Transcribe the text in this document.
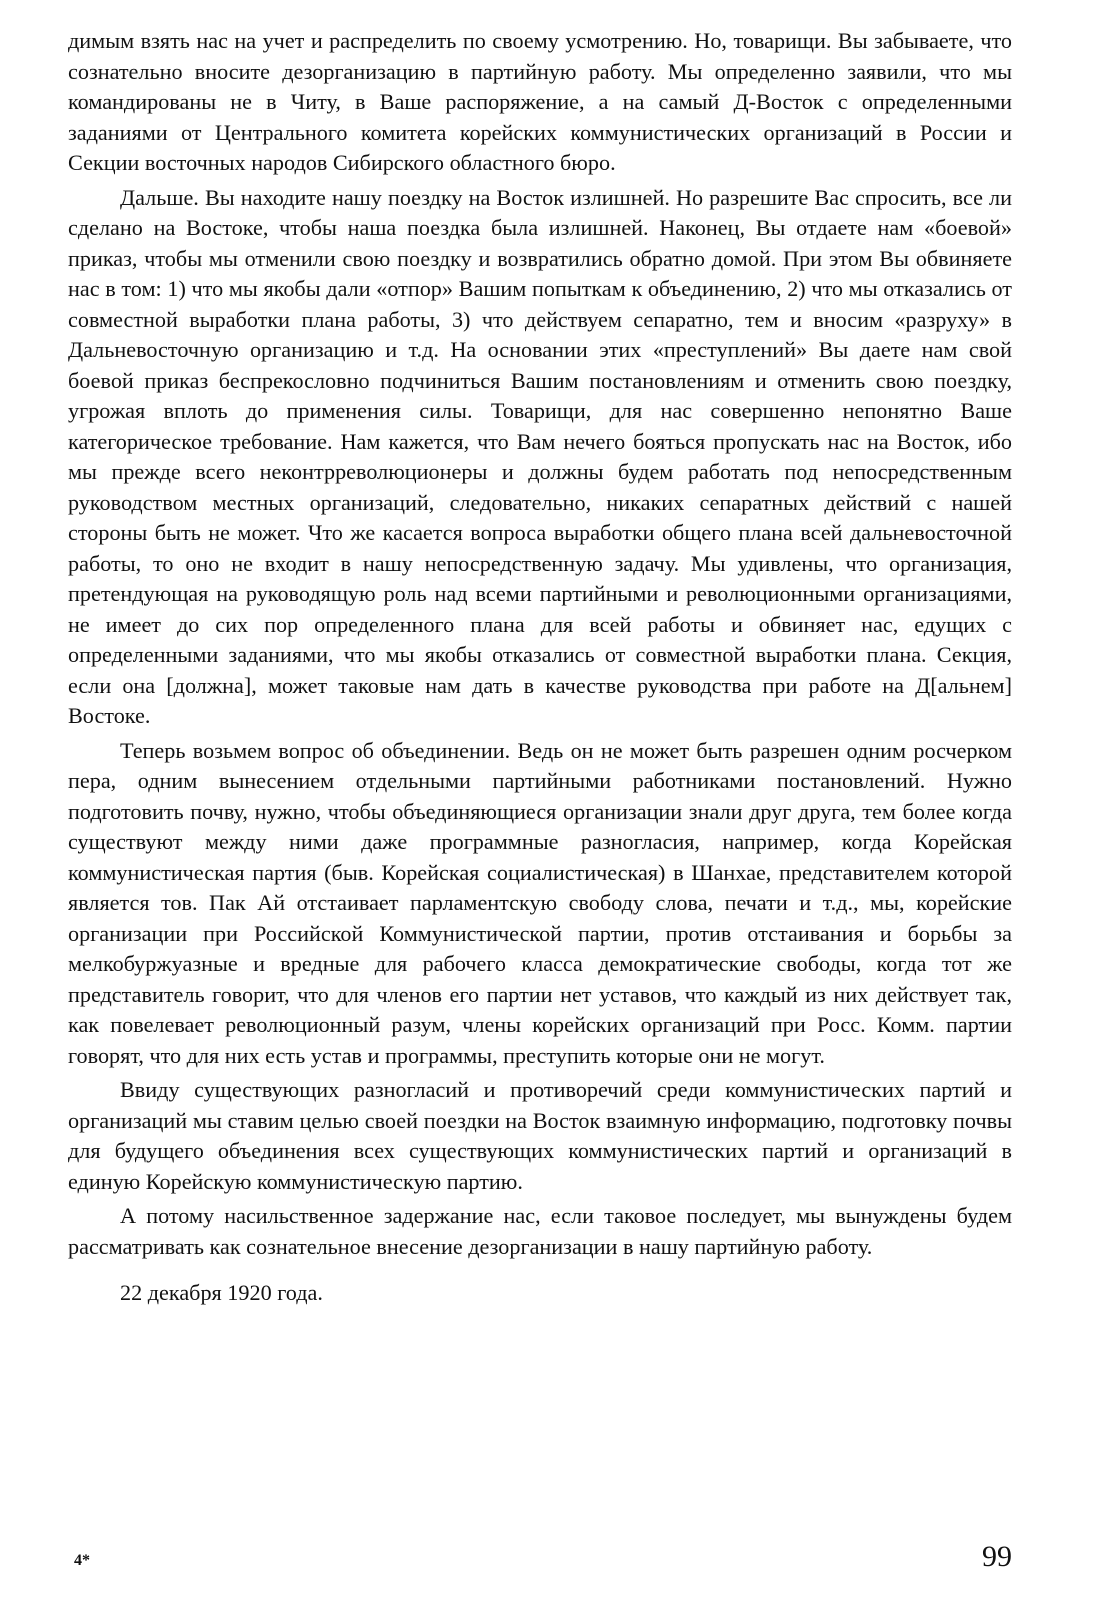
димым взять нас на учет и распределить по своему усмотрению. Но, товарищи. Вы забываете, что сознательно вносите дезорганизацию в партийную работу. Мы определенно заявили, что мы командированы не в Читу, в Ваше распоряжение, а на самый Д-Восток с определенными заданиями от Центрального комитета корейских коммунистических организаций в России и Секции восточных народов Сибирского областного бюро.

Дальше. Вы находите нашу поездку на Восток излишней. Но разрешите Вас спросить, все ли сделано на Востоке, чтобы наша поездка была излишней. Наконец, Вы отдаете нам «боевой» приказ, чтобы мы отменили свою поездку и возвратились обратно домой. При этом Вы обвиняете нас в том: 1) что мы якобы дали «отпор» Вашим попыткам к объединению, 2) что мы отказались от совместной выработки плана работы, 3) что действуем сепаратно, тем и вносим «разруху» в Дальневосточную организацию и т.д. На основании этих «преступлений» Вы даете нам свой боевой приказ беспрекословно подчиниться Вашим постановлениям и отменить свою поездку, угрожая вплоть до применения силы. Товарищи, для нас совершенно непонятно Ваше категорическое требование. Нам кажется, что Вам нечего бояться пропускать нас на Восток, ибо мы прежде всего неконтрреволюционеры и должны будем работать под непосредственным руководством местных организаций, следовательно, никаких сепаратных действий с нашей стороны быть не может. Что же касается вопроса выработки общего плана всей дальневосточной работы, то оно не входит в нашу непосредственную задачу. Мы удивлены, что организация, претендующая на руководящую роль над всеми партийными и революционными организациями, не имеет до сих пор определенного плана для всей работы и обвиняет нас, едущих с определенными заданиями, что мы якобы отказались от совместной выработки плана. Секция, если она [должна], может таковые нам дать в качестве руководства при работе на Д[альнем] Востоке.

Теперь возьмем вопрос об объединении. Ведь он не может быть разрешен одним росчерком пера, одним вынесением отдельными партийными работниками постановлений. Нужно подготовить почву, нужно, чтобы объединяющиеся организации знали друг друга, тем более когда существуют между ними даже программные разногласия, например, когда Корейская коммунистическая партия (быв. Корейская социалистическая) в Шанхае, представителем которой является тов. Пак Ай отстаивает парламентскую свободу слова, печати и т.д., мы, корейские организации при Российской Коммунистической партии, против отстаивания и борьбы за мелкобуржуазные и вредные для рабочего класса демократические свободы, когда тот же представитель говорит, что для членов его партии нет уставов, что каждый из них действует так, как повелевает революционный разум, члены корейских организаций при Росс. Комм. партии говорят, что для них есть устав и программы, преступить которые они не могут.

Ввиду существующих разногласий и противоречий среди коммунистических партий и организаций мы ставим целью своей поездки на Восток взаимную информацию, подготовку почвы для будущего объединения всех существующих коммунистических партий и организаций в единую Корейскую коммунистическую партию.

А потому насильственное задержание нас, если таковое последует, мы вынуждены будем рассматривать как сознательное внесение дезорганизации в нашу партийную работу.

22 декабря 1920 года.

4*	99
